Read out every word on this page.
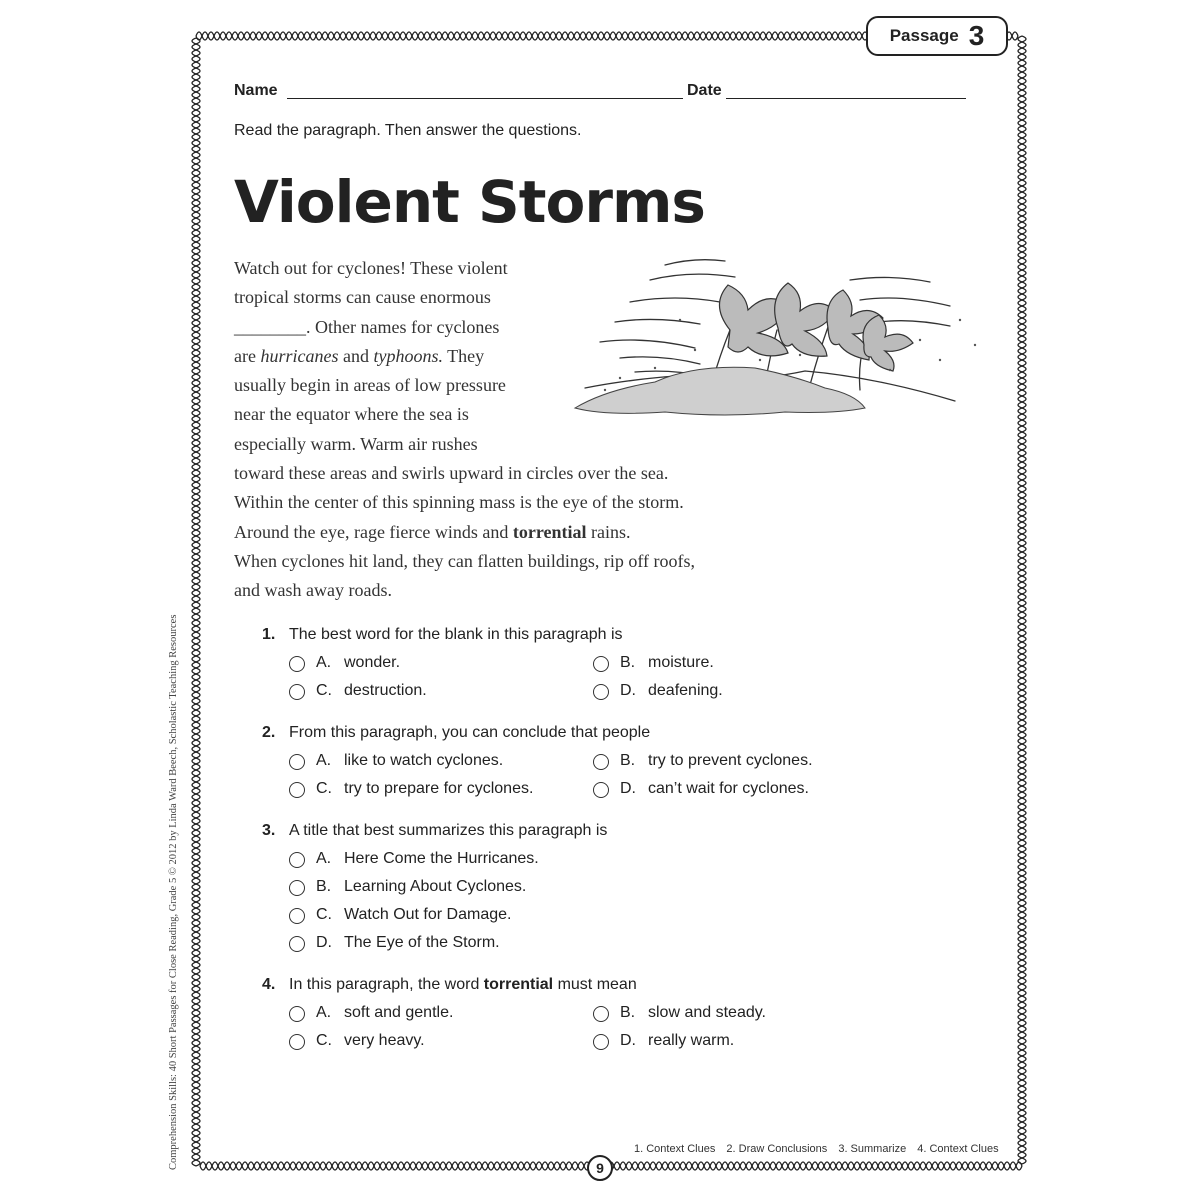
Passage 3
Name	Date
Read the paragraph. Then answer the questions.
Violent Storms
Watch out for cyclones! These violent
tropical storms can cause enormous
________. Other names for cyclones
are hurricanes and typhoons. They
usually begin in areas of low pressure
near the equator where the sea is
especially warm. Warm air rushes
toward these areas and swirls upward in circles over the sea.
Within the center of this spinning mass is the eye of the storm.
Around the eye, rage fierce winds and torrential rains.
When cyclones hit land, they can flatten buildings, rip off roofs,
and wash away roads.
1. The best word for the blank in this paragraph is
A. wonder.	B. moisture.
C. destruction.	D. deafening.
2. From this paragraph, you can conclude that people
A. like to watch cyclones.	B. try to prevent cyclones.
C. try to prepare for cyclones.	D. can’t wait for cyclones.
3. A title that best summarizes this paragraph is
A. Here Come the Hurricanes.
B. Learning About Cyclones.
C. Watch Out for Damage.
D. The Eye of the Storm.
4. In this paragraph, the word torrential must mean
A. soft and gentle.	B. slow and steady.
C. very heavy.	D. really warm.
1. Context Clues 2. Draw Conclusions 3. Summarize 4. Context Clues
9
Comprehension Skills: 40 Short Passages for Close Reading, Grade 5 © 2012 by Linda Ward Beech, Scholastic Teaching Resources
